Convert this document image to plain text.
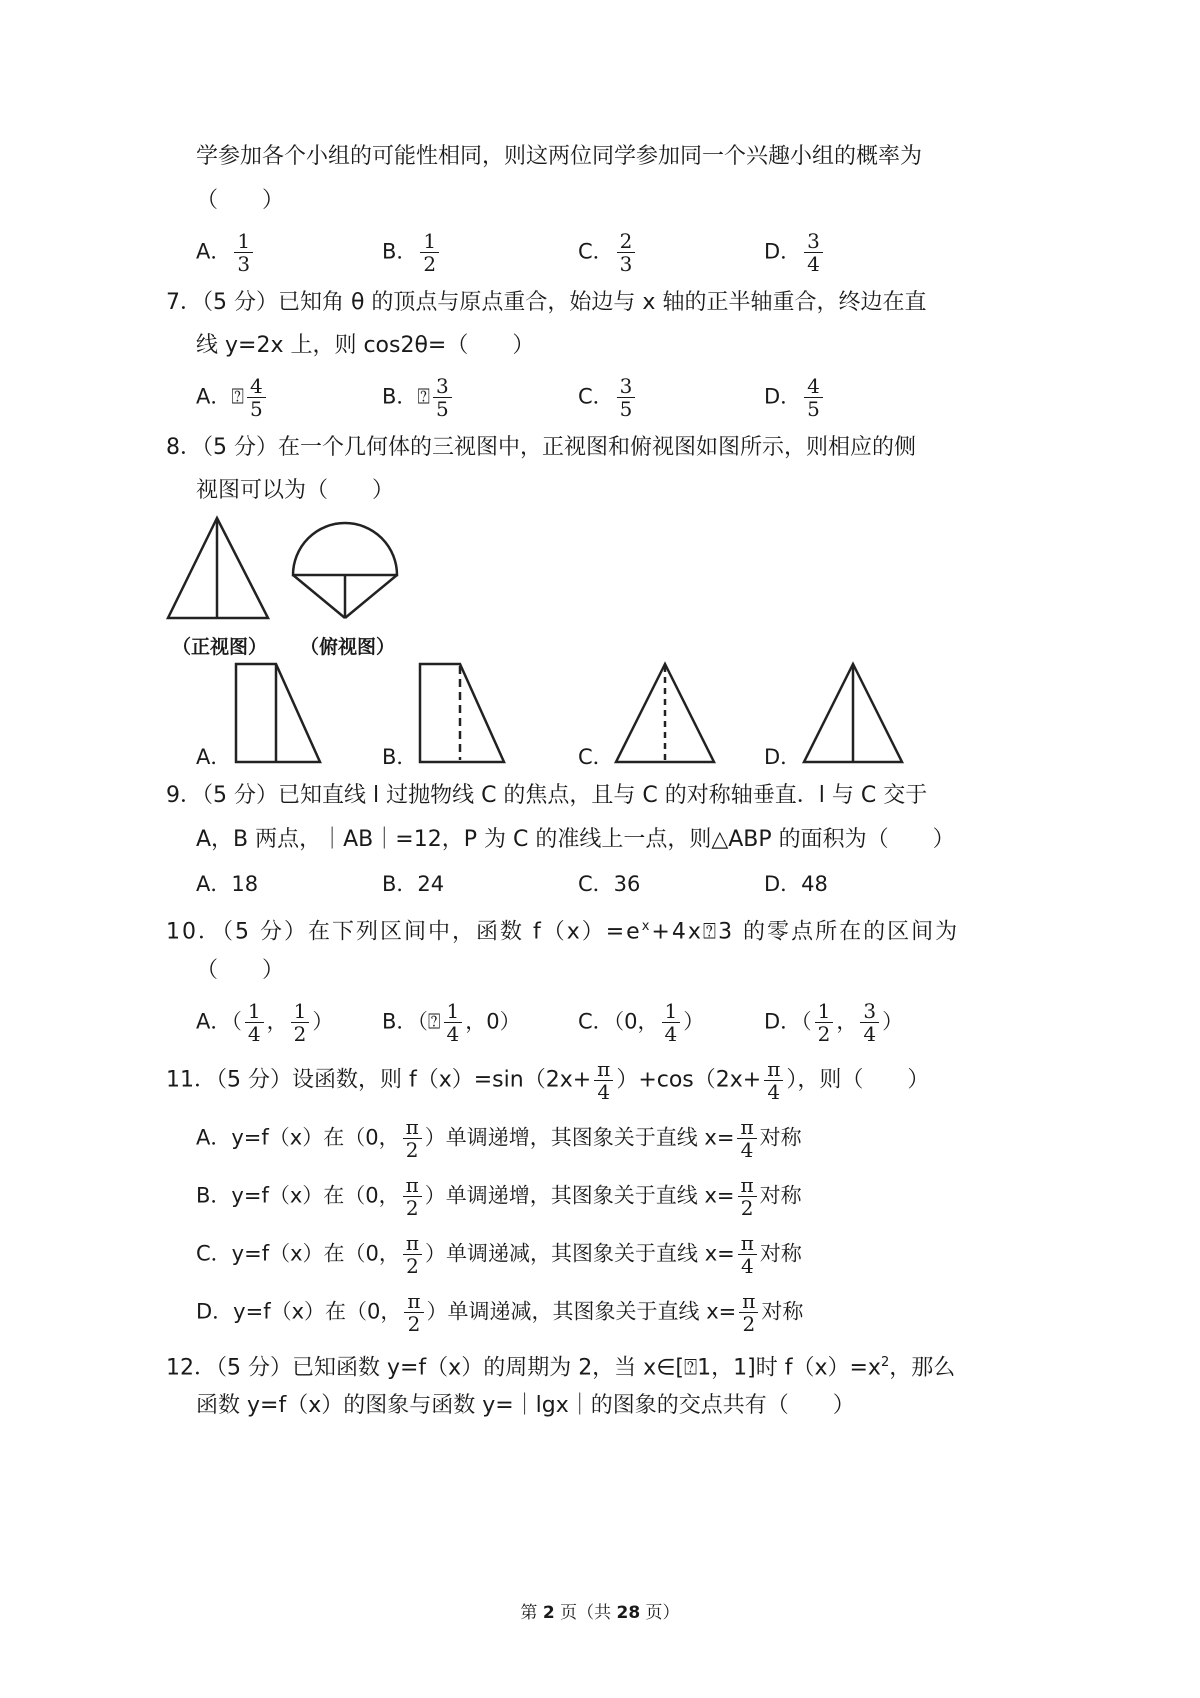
学参加各个小组的可能性相同，则这两位同学参加同一个兴趣小组的概率为
（　　）
A． $\frac{1}{3}$	B． $\frac{1}{2}$	C． $\frac{2}{3}$	D． $\frac{3}{4}$
7．（5 分）已知角 θ 的顶点与原点重合，始边与 x 轴的正半轴重合，终边在直
线 y=2x 上，则 cos2θ=（　　）
A．⍰ $\frac{4}{5}$	B．⍰ $\frac{3}{5}$	C． $\frac{3}{5}$	D． $\frac{4}{5}$
8．（5 分）在一个几何体的三视图中，正视图和俯视图如图所示，则相应的侧
视图可以为（　　）
（正视图） （俯视图）
A．	B．	C．	D．
9．（5 分）已知直线 l 过抛物线 C 的焦点，且与 C 的对称轴垂直．l 与 C 交于
A，B 两点，｜AB｜=12，P 为 C 的准线上一点，则△ABP 的面积为（　　）
A．18	B．24	C．36	D．48
10．（5 分）在下列区间中，函数 $f(x)=e^x+4x⍰3$ 的零点所在的区间为
（　　）
A．（ $\frac{1}{4}$ ， $\frac{1}{2}$ ） B．（⍰ $\frac{1}{4}$ ，0）	C．（0， $\frac{1}{4}$ ）	D．（ $\frac{1}{2}$ ， $\frac{3}{4}$ ）
11．（5 分）设函数，则 $f(x)=\sin(2x+ \frac{\pi}{4} )+\cos(2x+ \frac{\pi}{4}$ ），则（　　）
A．y=f（x）在（0， $\frac{\pi}{2}$ ）单调递增，其图象关于直线 $x= \frac{\pi}{4}$ 对称
B．y=f（x）在（0， $\frac{\pi}{2}$ ）单调递增，其图象关于直线 $x= \frac{\pi}{2}$ 对称
C．y=f（x）在（0， $\frac{\pi}{2}$ ）单调递减，其图象关于直线 $x= \frac{\pi}{4}$ 对称
D．y=f（x）在（0， $\frac{\pi}{2}$ ）单调递减，其图象关于直线 $x= \frac{\pi}{2}$ 对称
12．（5 分）已知函数 y=f（x）的周期为 2，当 x∈[⍰1，1]时 $f(x)=x^2$，那么
函数 y=f（x）的图象与函数 y=｜lgx｜的图象的交点共有（　　）
第 2 页（共 28 页）
